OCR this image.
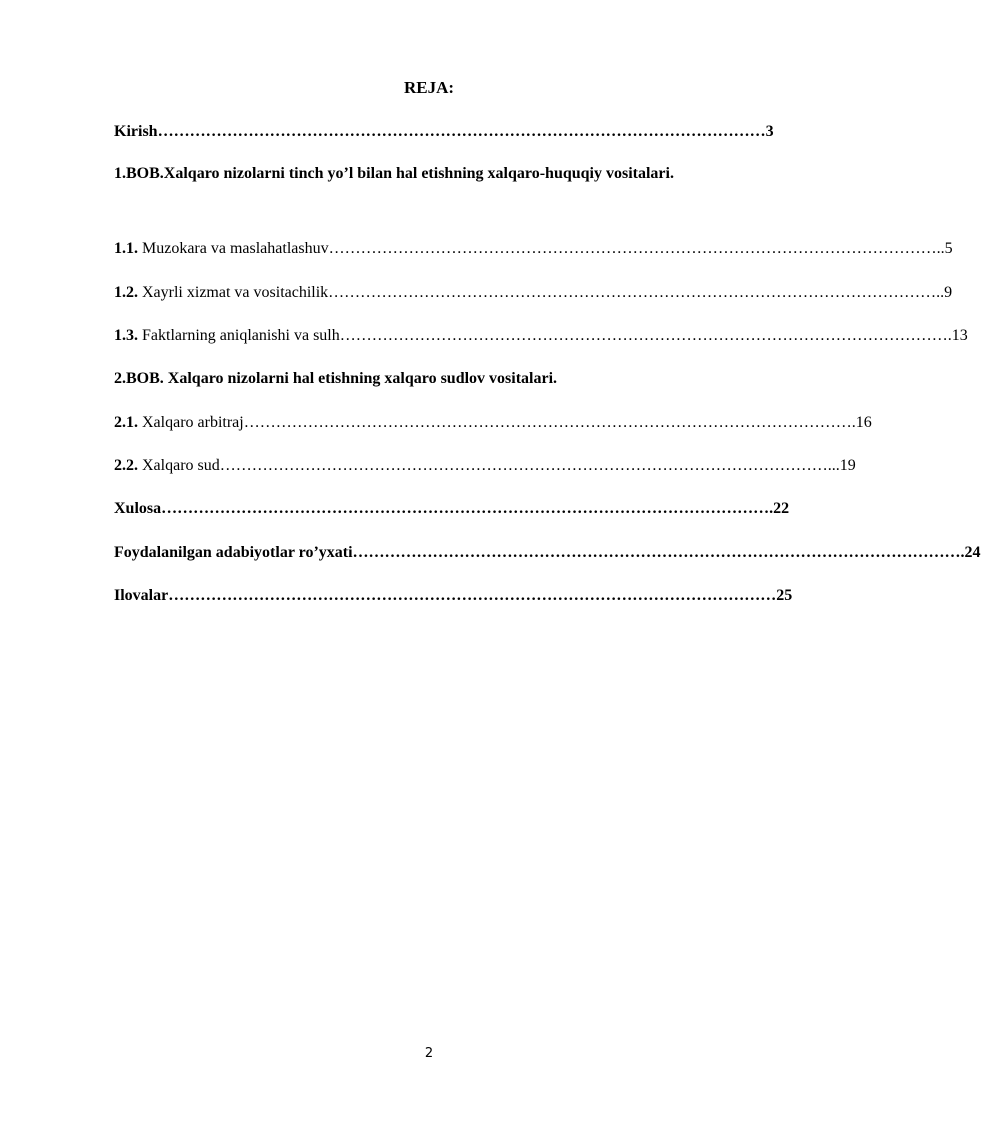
REJA:
Kirish …………………………………………………………………………………………………… 3
1.BOB.Xalqaro nizolarni tinch yo’l bilan hal etishning xalqaro-huquqiy vositalari.
1.1. Muzokara va maslahatlashuv …………………………………………………………………………………………………… ..5
1.2. Xayrli xizmat va vositachilik …………………………………………………………………………………………………… ..9
1.3. Faktlarning aniqlanishi va sulh …………………………………………………………………………………………………… .13
2.BOB. Xalqaro nizolarni hal etishning xalqaro sudlov vositalari.
2.1. Xalqaro arbitraj …………………………………………………………………………………………………… .16
2.2. Xalqaro sud …………………………………………………………………………………………………… ...19
Xulosa …………………………………………………………………………………………………… .22
Foydalanilgan adabiyotlar ro’yxati …………………………………………………………………………………………………… .24
Ilovalar …………………………………………………………………………………………………… 25
2
